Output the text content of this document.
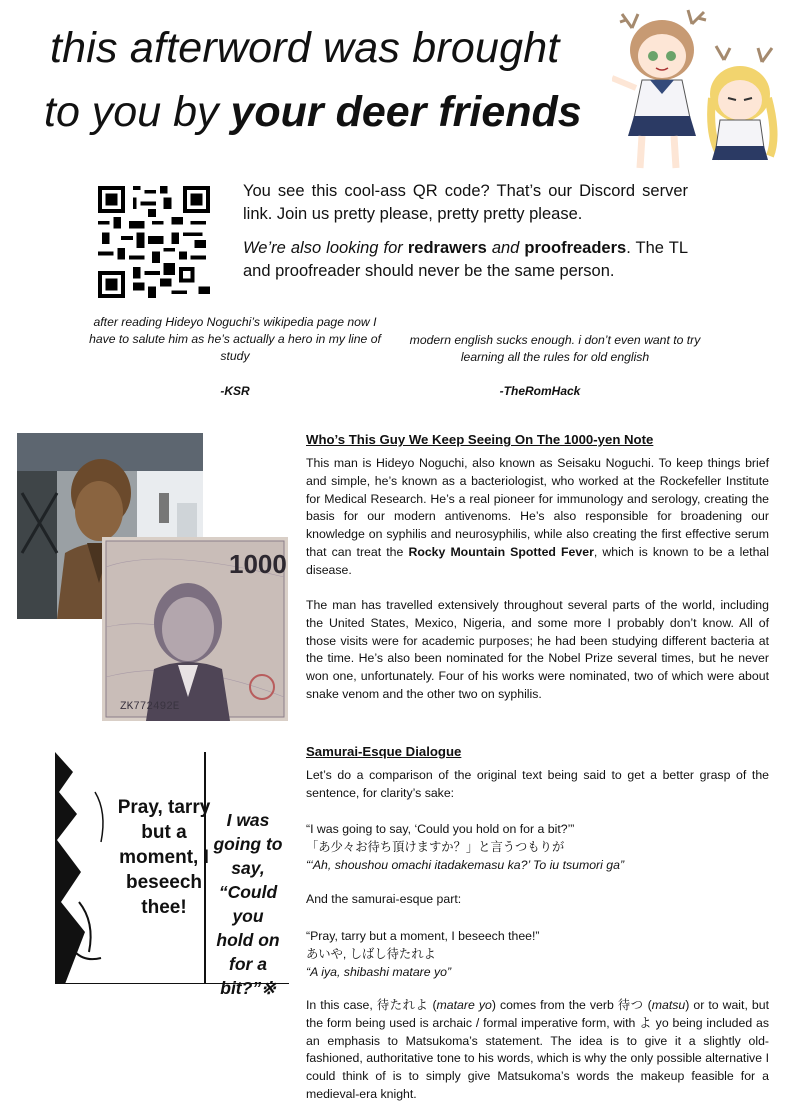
this afterword was brought
to you by your deer friends

You see this cool-ass QR code? That’s our Discord server link. Join us pretty please, pretty pretty please.

We’re also looking for redrawers and proofreaders. The TL and proofreader should never be the same person.

after reading Hideyo Noguchi’s wikipedia page now I have to salute him as he’s actually a hero in my line of study
-KSR
modern english sucks enough. i don’t even want to try learning all the rules for old english
-TheRomHack
1000
ZK772492E
Who’s This Guy We Keep Seeing On The 1000-yen Note
This man is Hideyo Noguchi, also known as Seisaku Noguchi. To keep things brief and simple, he’s known as a bacteriologist, who worked at the Rockefeller Institute for Medical Research. He’s a real pioneer for immunology and serology, creating the basis for our modern antivenoms. He’s also responsible for broadening our knowledge on syphilis and neurosyphilis, while also creating the first effective serum that can treat the Rocky Mountain Spotted Fever, which is known to be a lethal disease.
The man has travelled extensively throughout several parts of the world, including the United States, Mexico, Nigeria, and some more I probably don’t know. All of those visits were for academic purposes; he had been studying different bacteria at the time. He’s also been nominated for the Nobel Prize several times, but he never won one, unfortunately. Four of his works were nominated, two of which were about snake venom and the other two on syphilis.
Pray, tarry but a moment, I beseech thee!
I was going to say, “Could you hold on for a bit?”※
Samurai-Esque Dialogue
Let’s do a comparison of the original text being said to get a better grasp of the sentence, for clarity’s sake:
“I was going to say, ‘Could you hold on for a bit?’”
「あ少々お待ち頂けますか？」と言うつもりが
“‘Ah, shoushou omachi itadakemasu ka?’ To iu tsumori ga”
And the samurai-esque part:
“Pray, tarry but a moment, I beseech thee!”
あいや, しばし待たれよ
“A iya, shibashi matare yo”
In this case, 待たれよ (matare yo) comes from the verb 待つ (matsu) or to wait, but the form being used is archaic / formal imperative form, with よ yo being included as an emphasis to Matsukoma’s statement. The idea is to give it a slightly old-fashioned, authoritative tone to his words, which is why the only possible alternative I could think of is to simply give Matsukoma’s words the makeup feasible for a medieval-era knight.
